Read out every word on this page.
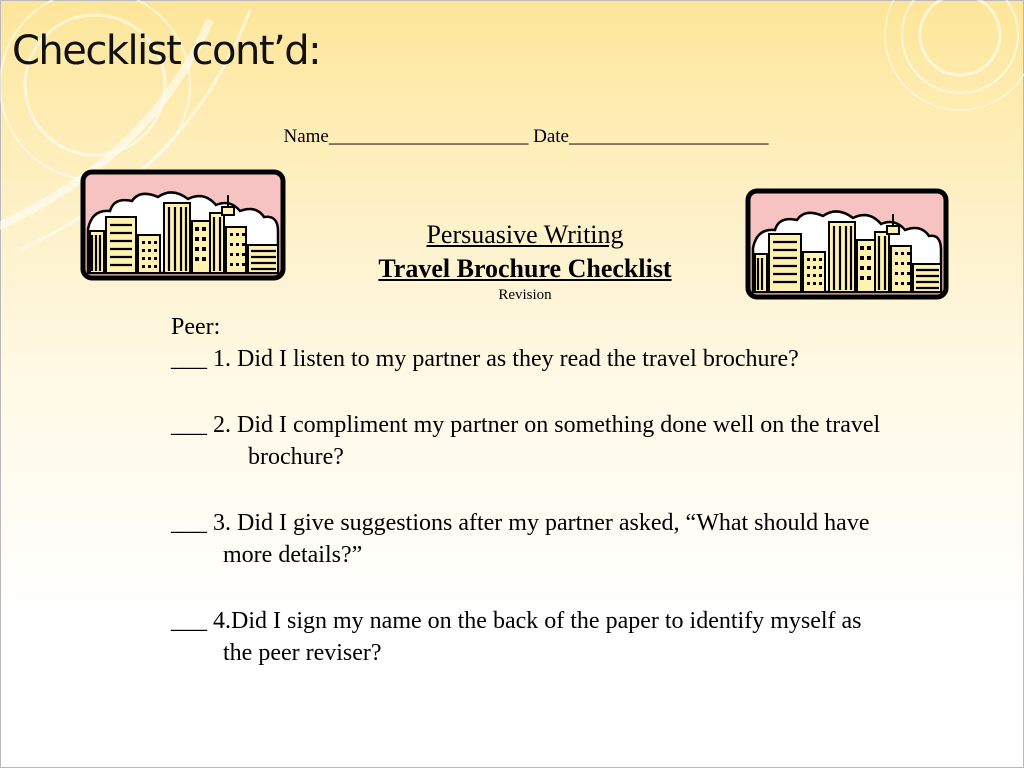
Checklist cont’d:
Name_____________________ Date_____________________
Persuasive Writing
Travel Brochure Checklist
Revision

Peer:

___ 1. Did I listen to my partner as they read the travel brochure?

___ 2. Did I compliment my partner on something done well on the travel brochure?

___ 3. Did I give suggestions after my partner asked, “What should have more details?”

___ 4.Did I sign my name on the back of the paper to identify myself as the peer reviser?
